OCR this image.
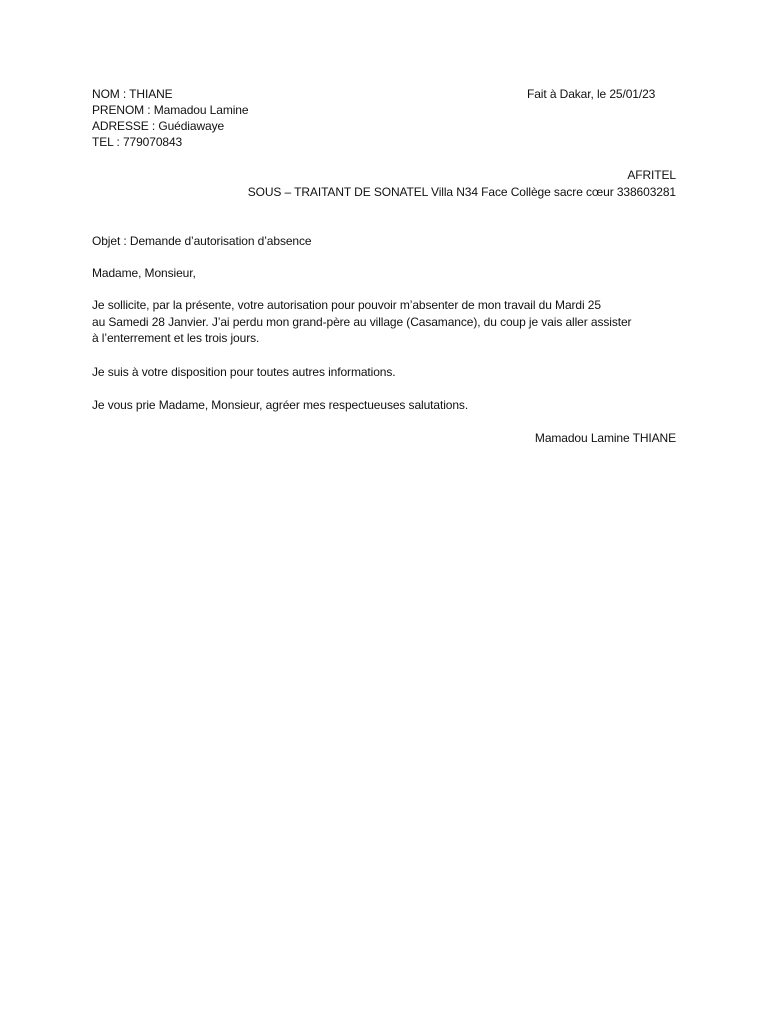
NOM : THIANE
PRENOM : Mamadou Lamine
ADRESSE : Guédiawaye
TEL : 779070843
Fait à Dakar, le 25/01/23
AFRITEL
SOUS – TRAITANT DE SONATEL Villa N34 Face Collège sacre cœur 338603281
Objet : Demande d’autorisation d’absence
Madame, Monsieur,
Je sollicite, par la présente, votre autorisation pour pouvoir m’absenter de mon travail du Mardi 25
au Samedi 28 Janvier. J’ai perdu mon grand-père au village (Casamance), du coup je vais aller assister
à l’enterrement et les trois jours.
Je suis à votre disposition pour toutes autres informations.
Je vous prie Madame, Monsieur, agréer mes respectueuses salutations.
Mamadou Lamine THIANE
